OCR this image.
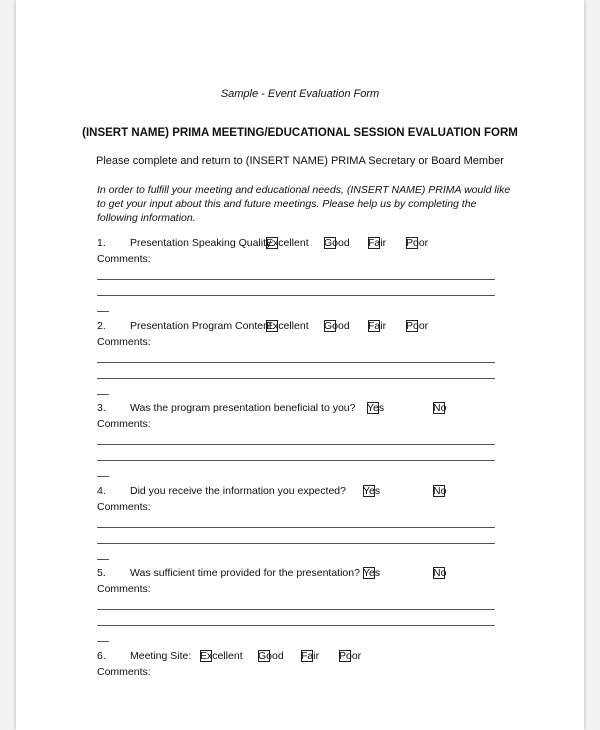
Sample - Event Evaluation Form
(INSERT NAME) PRIMA MEETING/EDUCATIONAL SESSION EVALUATION FORM
Please complete and return to (INSERT NAME) PRIMA Secretary or Board Member
In order to fulfill your meeting and educational needs, (INSERT NAME) PRIMA would like to get your input about this and future meetings. Please help us by completing the following information.
1. Presentation Speaking Quality:
Excellent Good Fair Poor
Comments:
2. Presentation Program Content:
Excellent Good Fair Poor
Comments:
3. Was the program presentation beneficial to you? Yes	No
Comments:
4. Did you receive the information you expected? Yes	No
Comments:
5. Was sufficient time provided for the presentation? Yes	No
Comments:
6. Meeting Site: Excellent Good Fair Poor
Comments:
